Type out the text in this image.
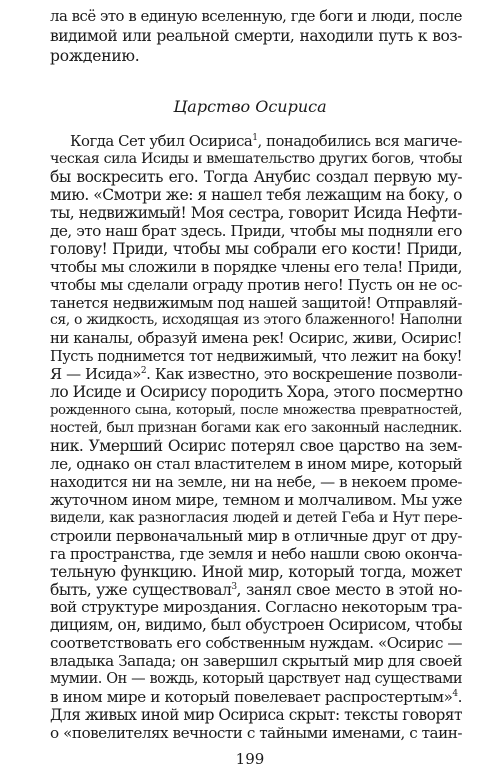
ла всё это в единую вселенную, где боги и люди, после
видимой или реальной смерти, находили путь к воз-
рождению.
Царство Осириса
Когда Сет убил Осириса$^1$, понадобились вся магиче-
ческая сила Исиды и вмешательство других богов, чтобы
бы воскресить его. Тогда Анубис создал первую му-
мию. «Смотри же: я нашел тебя лежащим на боку, о
ты, недвижимый! Моя сестра, говорит Исида Нефти-
де, это наш брат здесь. Приди, чтобы мы подняли его
голову! Приди, чтобы мы собрали его кости! Приди,
чтобы мы сложили в порядке члены его тела! Приди,
чтобы мы сделали ограду против него! Пусть он не ос-
танется недвижимым под нашей защитой! Отправляй-
ся, о жидкость, исходящая из этого блаженного! Наполни
ни каналы, образуй имена рек! Осирис, живи, Осирис!
Пусть поднимется тот недвижимый, что лежит на боку!
Я — Исида»$^2$. Как известно, это воскрешение позволи-
ло Исиде и Осирису породить Хора, этого посмертно
рожденного сына, который, после множества превратностей,
ностей, был признан богами как его законный наследник.
ник. Умерший Осирис потерял свое царство на зем-
ле, однако он стал властителем в ином мире, который
находится ни на земле, ни на небе, — в некоем проме-
жуточном ином мире, темном и молчаливом. Мы уже
видели, как разногласия людей и детей Геба и Нут пере-
строили первоначальный мир в отличные друг от дру-
га пространства, где земля и небо нашли свою оконча-
тельную функцию. Иной мир, который тогда, может
быть, уже существовал$^3$, занял свое место в этой но-
вой структуре мироздания. Согласно некоторым тра-
дициям, он, видимо, был обустроен Осирисом, чтобы
соответствовать его собственным нуждам. «Осирис —
владыка Запада; он завершил скрытый мир для своей
мумии. Он — вождь, который царствует над существами
в ином мире и который повелевает распростертым»$^4$.
Для живых иной мир Осириса скрыт: тексты говорят
о «повелителях вечности с тайными именами, с таин-
199
